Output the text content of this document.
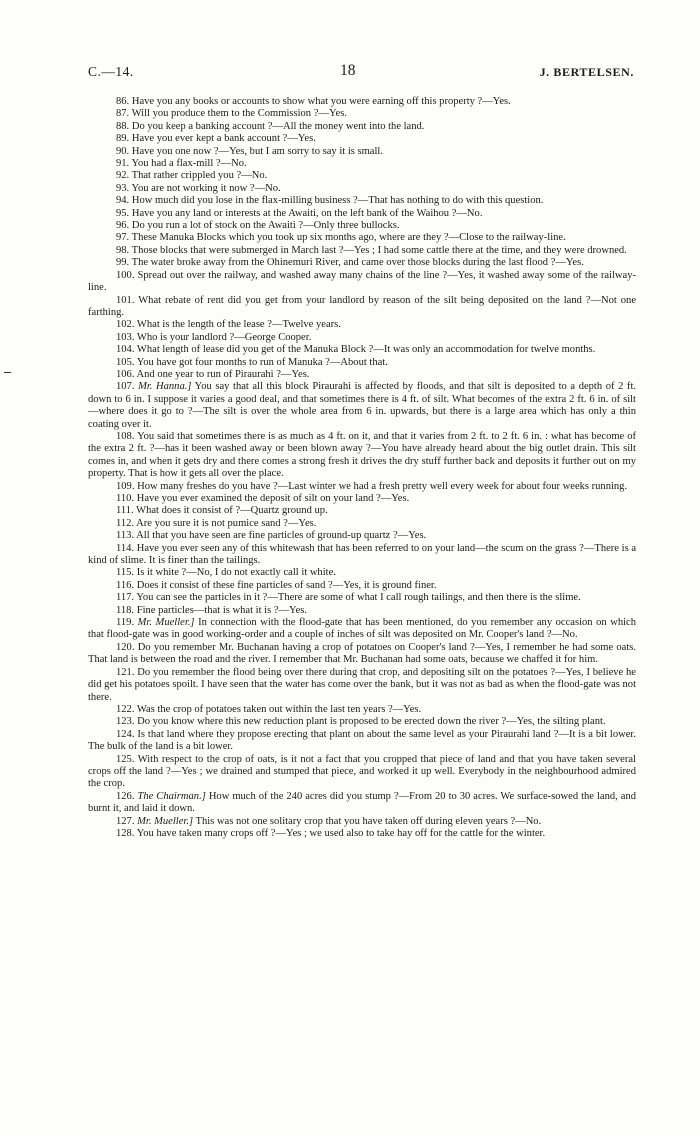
C.—14.	18	J. BERTELSEN.

86. Have you any books or accounts to show what you were earning off this property ?—Yes.

87. Will you produce them to the Commission ?—Yes.

88. Do you keep a banking account ?—All the money went into the land.

89. Have you ever kept a bank account ?—Yes.

90. Have you one now ?—Yes, but I am sorry to say it is small.

91. You had a flax-mill ?—No.

92. That rather crippled you ?—No.

93. You are not working it now ?—No.

94. How much did you lose in the flax-milling business ?—That has nothing to do with this question.

95. Have you any land or interests at the Awaiti, on the left bank of the Waihou ?—No.

96. Do you run a lot of stock on the Awaiti ?—Only three bullocks.

97. These Manuka Blocks which you took up six months ago, where are they ?—Close to the railway-line.

98. Those blocks that were submerged in March last ?—Yes ; I had some cattle there at the time, and they were drowned.

99. The water broke away from the Ohinemuri River, and came over those blocks during the last flood ?—Yes.

100. Spread out over the railway, and washed away many chains of the line ?—Yes, it washed away some of the railway-line.

101. What rebate of rent did you get from your landlord by reason of the silt being deposited on the land ?—Not one farthing.

102. What is the length of the lease ?—Twelve years.

103. Who is your landlord ?—George Cooper.

104. What length of lease did you get of the Manuka Block ?—It was only an accommodation for twelve months.

105. You have got four months to run of Manuka ?—About that.

106. And one year to run of Piraurahi ?—Yes.

107. Mr. Hanna.] You say that all this block Piraurahi is affected by floods, and that silt is deposited to a depth of 2 ft. down to 6 in. I suppose it varies a good deal, and that sometimes there is 4 ft. of silt. What becomes of the extra 2 ft. 6 in. of silt—where does it go to ?—The silt is over the whole area from 6 in. upwards, but there is a large area which has only a thin coating over it.

108. You said that sometimes there is as much as 4 ft. on it, and that it varies from 2 ft. to 2 ft. 6 in. : what has become of the extra 2 ft. ?—has it been washed away or been blown away ?—You have already heard about the big outlet drain. This silt comes in, and when it gets dry and there comes a strong fresh it drives the dry stuff further back and deposits it further out on my property. That is how it gets all over the place.

109. How many freshes do you have ?—Last winter we had a fresh pretty well every week for about four weeks running.

110. Have you ever examined the deposit of silt on your land ?—Yes.

111. What does it consist of ?—Quartz ground up.

112. Are you sure it is not pumice sand ?—Yes.

113. All that you have seen are fine particles of ground-up quartz ?—Yes.

114. Have you ever seen any of this whitewash that has been referred to on your land—the scum on the grass ?—There is a kind of slime. It is finer than the tailings.

115. Is it white ?—No, I do not exactly call it white.

116. Does it consist of these fine particles of sand ?—Yes, it is ground finer.

117. You can see the particles in it ?—There are some of what I call rough tailings, and then there is the slime.

118. Fine particles—that is what it is ?—Yes.

119. Mr. Mueller.] In connection with the flood-gate that has been mentioned, do you remember any occasion on which that flood-gate was in good working-order and a couple of inches of silt was deposited on Mr. Cooper's land ?—No.

120. Do you remember Mr. Buchanan having a crop of potatoes on Cooper's land ?—Yes, I remember he had some oats. That land is between the road and the river. I remember that Mr. Buchanan had some oats, because we chaffed it for him.

121. Do you remember the flood being over there during that crop, and depositing silt on the potatoes ?—Yes, I believe he did get his potatoes spoilt. I have seen that the water has come over the bank, but it was not as bad as when the flood-gate was not there.

122. Was the crop of potatoes taken out within the last ten years ?—Yes.

123. Do you know where this new reduction plant is proposed to be erected down the river ?—Yes, the silting plant.

124. Is that land where they propose erecting that plant on about the same level as your Piraurahi land ?—It is a bit lower. The bulk of the land is a bit lower.

125. With respect to the crop of oats, is it not a fact that you cropped that piece of land and that you have taken several crops off the land ?—Yes ; we drained and stumped that piece, and worked it up well. Everybody in the neighbourhood admired the crop.

126. The Chairman.] How much of the 240 acres did you stump ?—From 20 to 30 acres. We surface-sowed the land, and burnt it, and laid it down.

127. Mr. Mueller.] This was not one solitary crop that you have taken off during eleven years ?—No.

128. You have taken many crops off ?—Yes ; we used also to take hay off for the cattle for the winter.
